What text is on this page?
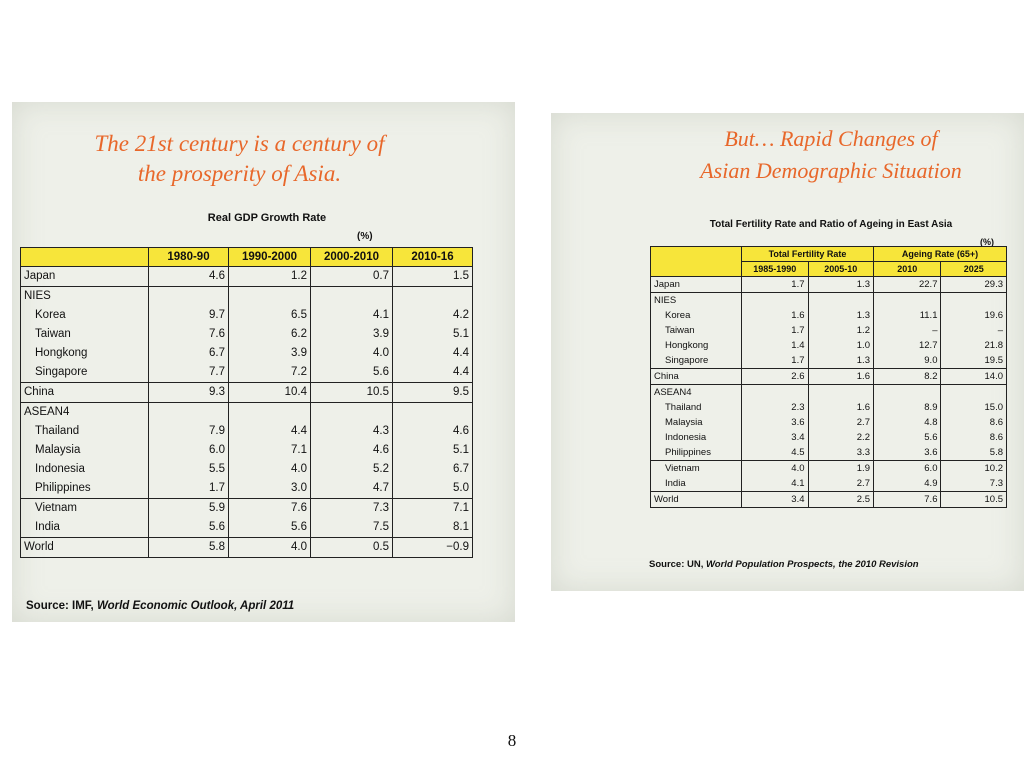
The 21st century is a century of
the prosperity of Asia.
Real GDP Growth Rate
(%)
	1980-90	1990-2000	2000-2010	2010-16
Japan	4.6	1.2	0.7	1.5
NIES				
Korea	9.7	6.5	4.1	4.2
Taiwan	7.6	6.2	3.9	5.1
Hongkong	6.7	3.9	4.0	4.4
Singapore	7.7	7.2	5.6	4.4
China	9.3	10.4	10.5	9.5
ASEAN4				
Thailand	7.9	4.4	4.3	4.6
Malaysia	6.0	7.1	4.6	5.1
Indonesia	5.5	4.0	5.2	6.7
Philippines	1.7	3.0	4.7	5.0
Vietnam	5.9	7.6	7.3	7.1
India	5.6	5.6	7.5	8.1
World	5.8	4.0	0.5	−0.9
Source: IMF, World Economic Outlook, April 2011
But… Rapid Changes of
Asian Demographic Situation
Total Fertility Rate and Ratio of Ageing in East Asia
(%)
	Total Fertility Rate		Ageing Rate (65+)	
	1985-1990	2005-10	2010	2025
Japan	1.7	1.3	22.7	29.3
NIES				
Korea	1.6	1.3	11.1	19.6
Taiwan	1.7	1.2	–	–
Hongkong	1.4	1.0	12.7	21.8
Singapore	1.7	1.3	9.0	19.5
China	2.6	1.6	8.2	14.0
ASEAN4				
Thailand	2.3	1.6	8.9	15.0
Malaysia	3.6	2.7	4.8	8.6
Indonesia	3.4	2.2	5.6	8.6
Philippines	4.5	3.3	3.6	5.8
Vietnam	4.0	1.9	6.0	10.2
India	4.1	2.7	4.9	7.3
World	3.4	2.5	7.6	10.5
Source: UN, World Population Prospects, the 2010 Revision
8
